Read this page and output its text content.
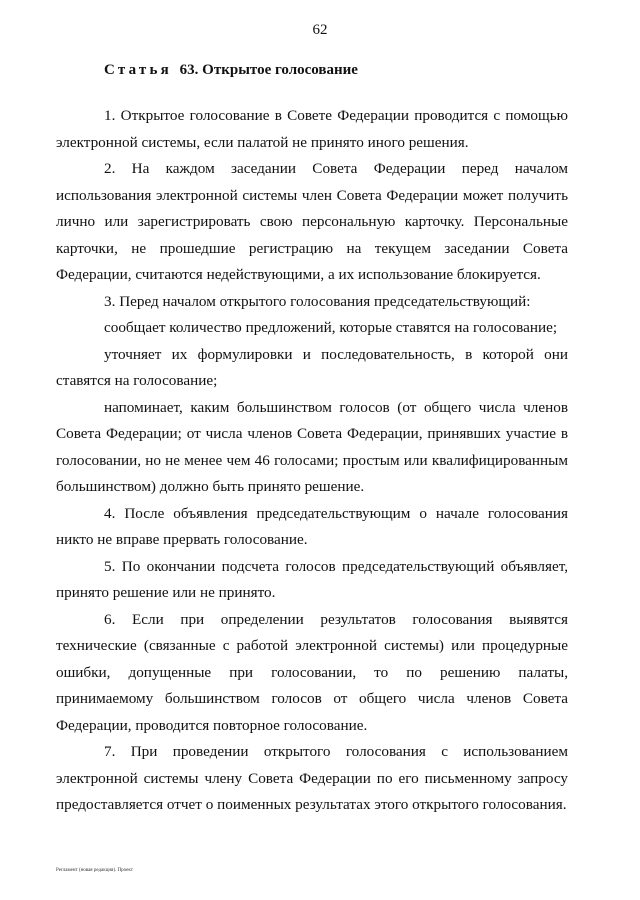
62
Статья 63. Открытое голосование

1. Открытое голосование в Совете Федерации проводится с помощью электронной системы, если палатой не принято иного решения.

2. На каждом заседании Совета Федерации перед началом использования электронной системы член Совета Федерации может получить лично или зарегистрировать свою персональную карточку. Персональные карточки, не прошедшие регистрацию на текущем заседании Совета Федерации, считаются недействующими, а их использование блокируется.

3. Перед началом открытого голосования председательствующий:

сообщает количество предложений, которые ставятся на голосование;

уточняет их формулировки и последовательность, в которой они ставятся на голосование;

напоминает, каким большинством голосов (от общего числа членов Совета Федерации; от числа членов Совета Федерации, принявших участие в голосовании, но не менее чем 46 голосами; простым или квалифицированным большинством) должно быть принято решение.

4. После объявления председательствующим о начале голосования никто не вправе прервать голосование.

5. По окончании подсчета голосов председательствующий объявляет, принято решение или не принято.

6. Если при определении результатов голосования выявятся технические (связанные с работой электронной системы) или процедурные ошибки, допущенные при голосовании, то по решению палаты, принимаемому большинством голосов от общего числа членов Совета Федерации, проводится повторное голосование.

7. При проведении открытого голосования с использованием электронной системы члену Совета Федерации по его письменному запросу предоставляется отчет о поименных результатах этого открытого голосования.

Регламент (новая редакция). Проект
